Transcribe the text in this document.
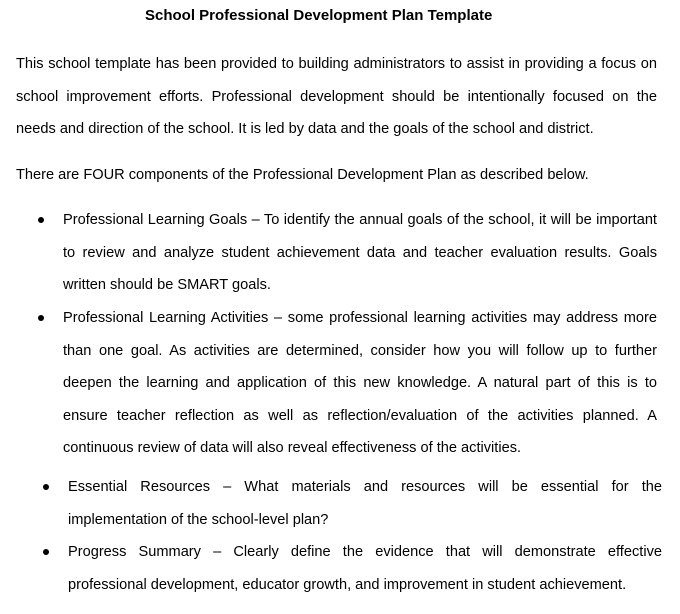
School Professional Development Plan Template
This school template has been provided to building administrators to assist in providing a focus on school improvement efforts. Professional development should be intentionally focused on the needs and direction of the school. It is led by data and the goals of the school and district.
There are FOUR components of the Professional Development Plan as described below.
Professional Learning Goals – To identify the annual goals of the school, it will be important to review and analyze student achievement data and teacher evaluation results. Goals written should be SMART goals.
Professional Learning Activities – some professional learning activities may address more than one goal. As activities are determined, consider how you will follow up to further deepen the learning and application of this new knowledge. A natural part of this is to ensure teacher reflection as well as reflection/evaluation of the activities planned. A continuous review of data will also reveal effectiveness of the activities.
Essential Resources – What materials and resources will be essential for the implementation of the school-level plan?
Progress Summary – Clearly define the evidence that will demonstrate effective professional development, educator growth, and improvement in student achievement.
